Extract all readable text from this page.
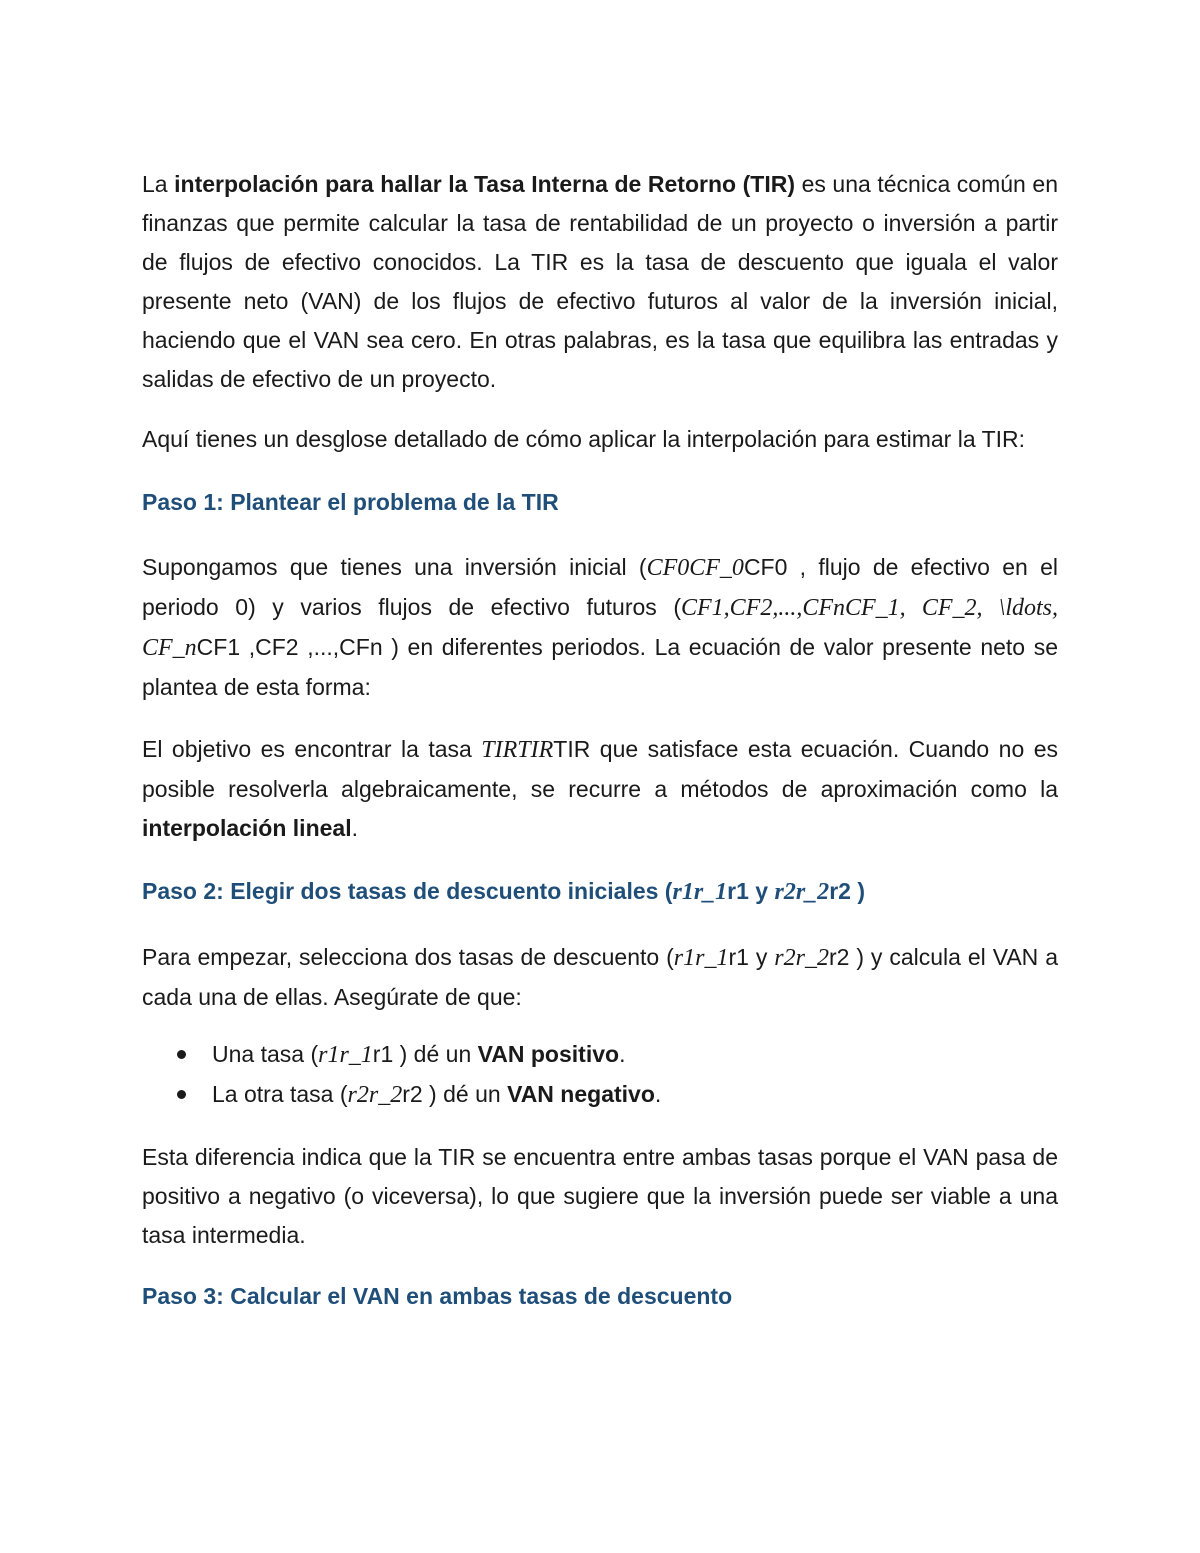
La interpolación para hallar la Tasa Interna de Retorno (TIR) es una técnica común en finanzas que permite calcular la tasa de rentabilidad de un proyecto o inversión a partir de flujos de efectivo conocidos. La TIR es la tasa de descuento que iguala el valor presente neto (VAN) de los flujos de efectivo futuros al valor de la inversión inicial, haciendo que el VAN sea cero. En otras palabras, es la tasa que equilibra las entradas y salidas de efectivo de un proyecto.

Aquí tienes un desglose detallado de cómo aplicar la interpolación para estimar la TIR:

Paso 1: Plantear el problema de la TIR

Supongamos que tienes una inversión inicial (CF0CF_0CF0 , flujo de efectivo en el periodo 0) y varios flujos de efectivo futuros (CF1,CF2,...,CFnCF_1, CF_2, \ldots, CF_nCF1 ,CF2 ,...,CFn ) en diferentes periodos. La ecuación de valor presente neto se plantea de esta forma:

El objetivo es encontrar la tasa TIRTIRTIR que satisface esta ecuación. Cuando no es posible resolverla algebraicamente, se recurre a métodos de aproximación como la interpolación lineal.

Paso 2: Elegir dos tasas de descuento iniciales (r1r_1r1 y r2r_2r2 )

Para empezar, selecciona dos tasas de descuento (r1r_1r1 y r2r_2r2 ) y calcula el VAN a cada una de ellas. Asegúrate de que:

Una tasa (r1r_1r1 ) dé un VAN positivo.
La otra tasa (r2r_2r2 ) dé un VAN negativo.

Esta diferencia indica que la TIR se encuentra entre ambas tasas porque el VAN pasa de positivo a negativo (o viceversa), lo que sugiere que la inversión puede ser viable a una tasa intermedia.

Paso 3: Calcular el VAN en ambas tasas de descuento
